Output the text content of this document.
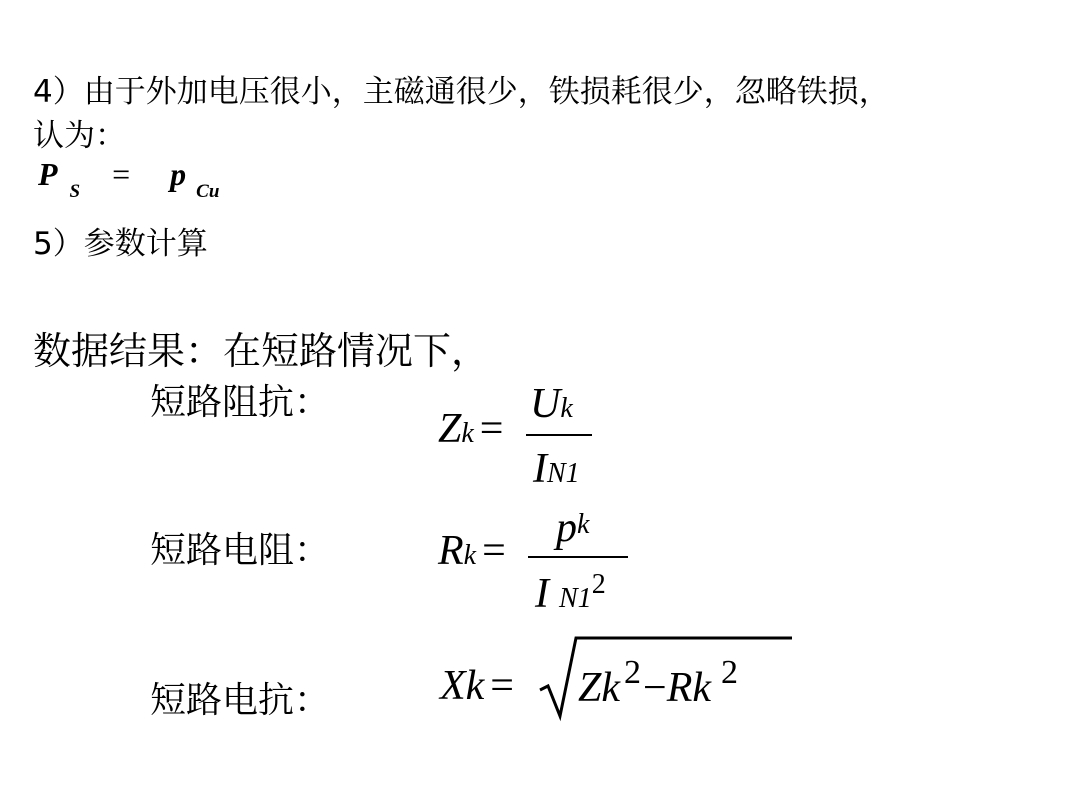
4）由于外加电压很小，主磁通很少，铁损耗很少，忽略铁损，
认为：
P $_S$ = p $_{Cu}$
5）参数计算
数据结果：在短路情况下，
短路阻抗：
Zk =
Uk
IN1
短路电阻：	Rk = pk
I $N1^2$
短路电抗：	Xk = Zk $^2$−Rk $^2$
